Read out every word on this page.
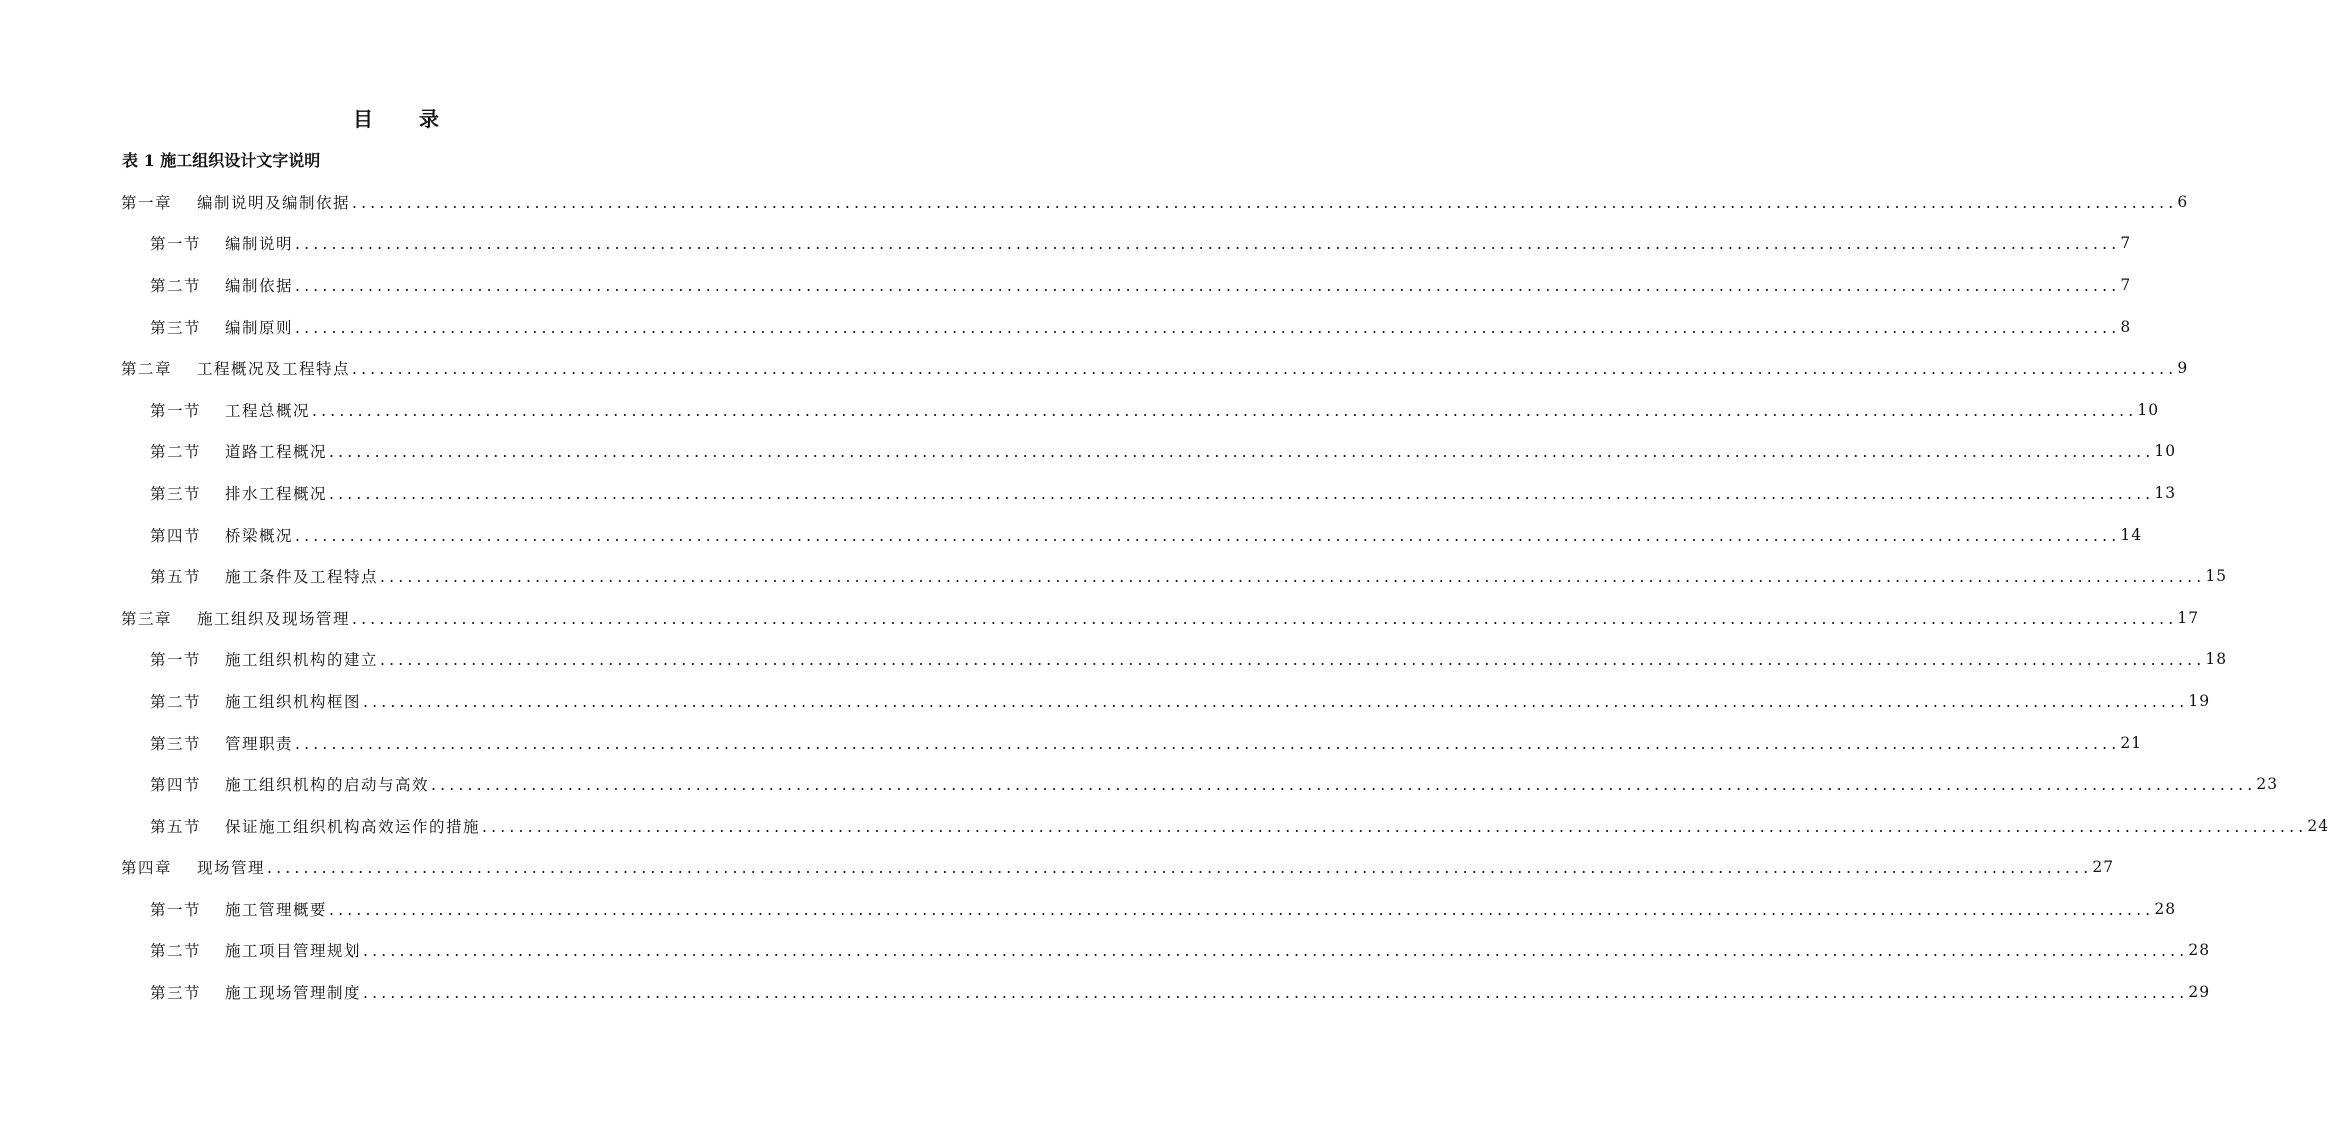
目 录
表 1 施工组织设计文字说明
第一章 编制说明及编制依据 ........................................................................................................................................................................................................ 6
第一节 编制说明 ........................................................................................................................................................................................................ 7
第二节 编制依据 ........................................................................................................................................................................................................ 7
第三节 编制原则 ........................................................................................................................................................................................................ 8
第二章 工程概况及工程特点 ........................................................................................................................................................................................................ 9
第一节 工程总概况 ........................................................................................................................................................................................................ 10
第二节 道路工程概况 ........................................................................................................................................................................................................ 10
第三节 排水工程概况 ........................................................................................................................................................................................................ 13
第四节 桥梁概况 ........................................................................................................................................................................................................ 14
第五节 施工条件及工程特点 ........................................................................................................................................................................................................ 15
第三章 施工组织及现场管理 ........................................................................................................................................................................................................ 17
第一节 施工组织机构的建立 ........................................................................................................................................................................................................ 18
第二节 施工组织机构框图 ........................................................................................................................................................................................................ 19
第三节 管理职责 ........................................................................................................................................................................................................ 21
第四节 施工组织机构的启动与高效 ........................................................................................................................................................................................................ 23
第五节 保证施工组织机构高效运作的措施 ........................................................................................................................................................................................................ 24
第四章 现场管理 ........................................................................................................................................................................................................ 27
第一节 施工管理概要 ........................................................................................................................................................................................................ 28
第二节 施工项目管理规划 ........................................................................................................................................................................................................ 28
第三节 施工现场管理制度 ........................................................................................................................................................................................................ 29
